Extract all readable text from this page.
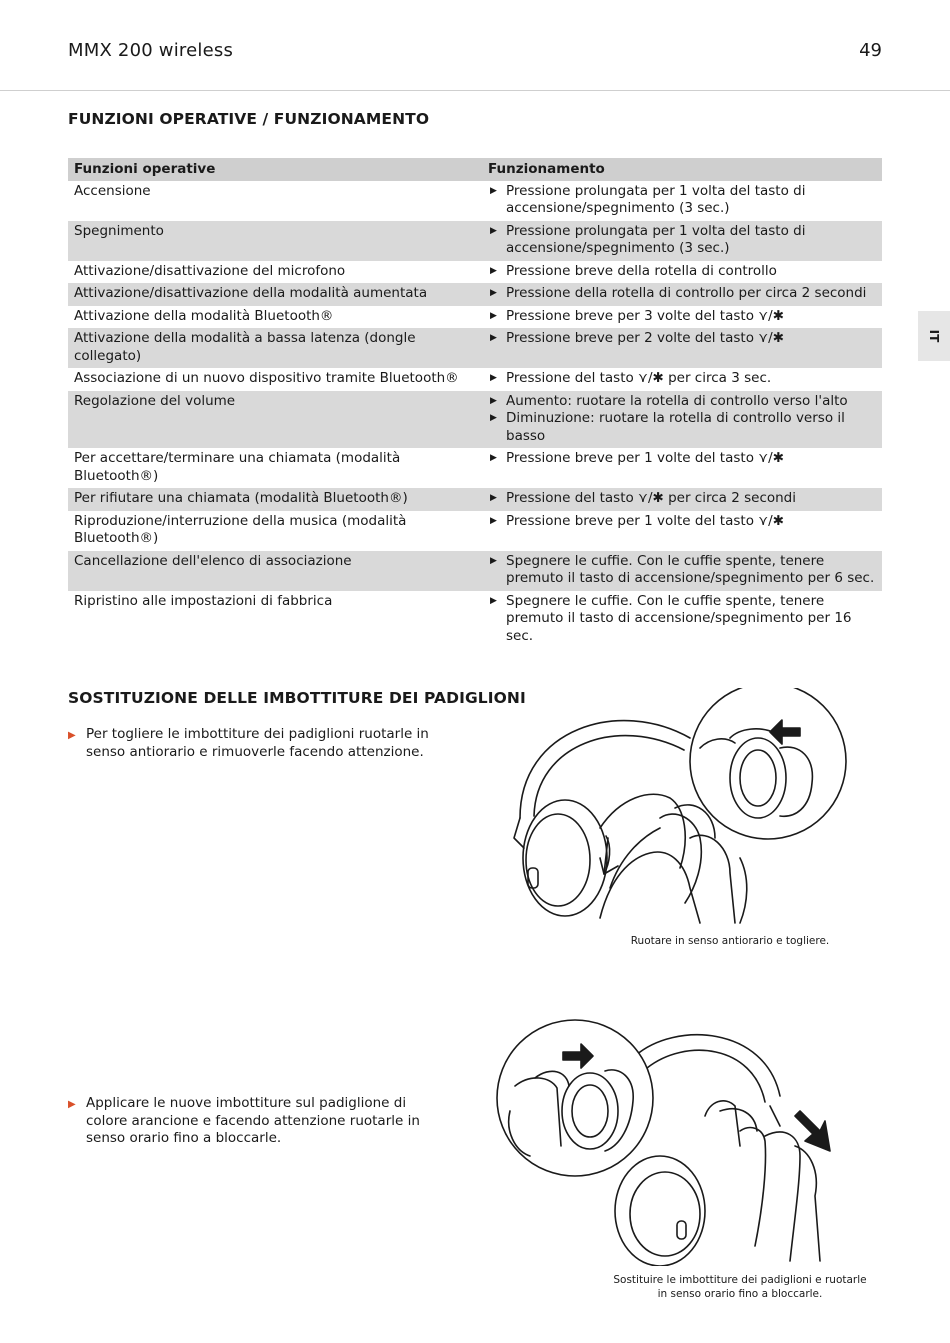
MMX 200 wireless	49
IT
FUNZIONI OPERATIVE / FUNZIONAMENTO
Funzioni operative	Funzionamento
Accensione	▶ Pressione prolungata per 1 volta del tasto di accensione/spegnimento (3 sec.)

Spegnimento	▶ Pressione prolungata per 1 volta del tasto di accensione/spegnimento (3 sec.)

Attivazione/disattivazione del microfono	▶ Pressione breve della rotella di controllo

Attivazione/disattivazione della modalità aumentata	▶ Pressione della rotella di controllo per circa 2 secondi

Attivazione della modalità Bluetooth®	▶ Pressione breve per 3 volte del tasto ⋎/✱

Attivazione della modalità a bassa latenza (dongle collegato)	▶ Pressione breve per 2 volte del tasto ⋎/✱

Associazione di un nuovo dispositivo tramite Bluetooth®	▶ Pressione del tasto ⋎/✱ per circa 3 sec.

Regolazione del volume	▶ Aumento: ruotare la rotella di controllo verso l'alto
▶ Diminuzione: ruotare la rotella di controllo verso il basso

Per accettare/terminare una chiamata (modalità Bluetooth®)	▶ Pressione breve per 1 volte del tasto ⋎/✱

Per rifiutare una chiamata (modalità Bluetooth®)	▶ Pressione del tasto ⋎/✱ per circa 2 secondi

Riproduzione/interruzione della musica (modalità Bluetooth®)	▶ Pressione breve per 1 volte del tasto ⋎/✱

Cancellazione dell'elenco di associazione	▶ Spegnere le cuffie. Con le cuffie spente, tenere premuto il tasto di accensione/spegnimento per 6 sec.

Ripristino alle impostazioni di fabbrica	▶ Spegnere le cuffie. Con le cuffie spente, tenere premuto il tasto di accensione/spegnimento per 16 sec.
SOSTITUZIONE DELLE IMBOTTITURE DEI PADIGLIONI
▶ Per togliere le imbottiture dei padiglioni ruotarle in senso antiorario e rimuoverle facendo attenzione.
▶ Applicare le nuove imbottiture sul padiglione di colore arancione e facendo attenzione ruotarle in senso orario fino a bloccarle.
Ruotare in senso antiorario e togliere.
Sostituire le imbottiture dei padiglioni e ruotarle in senso orario fino a bloccarle.
